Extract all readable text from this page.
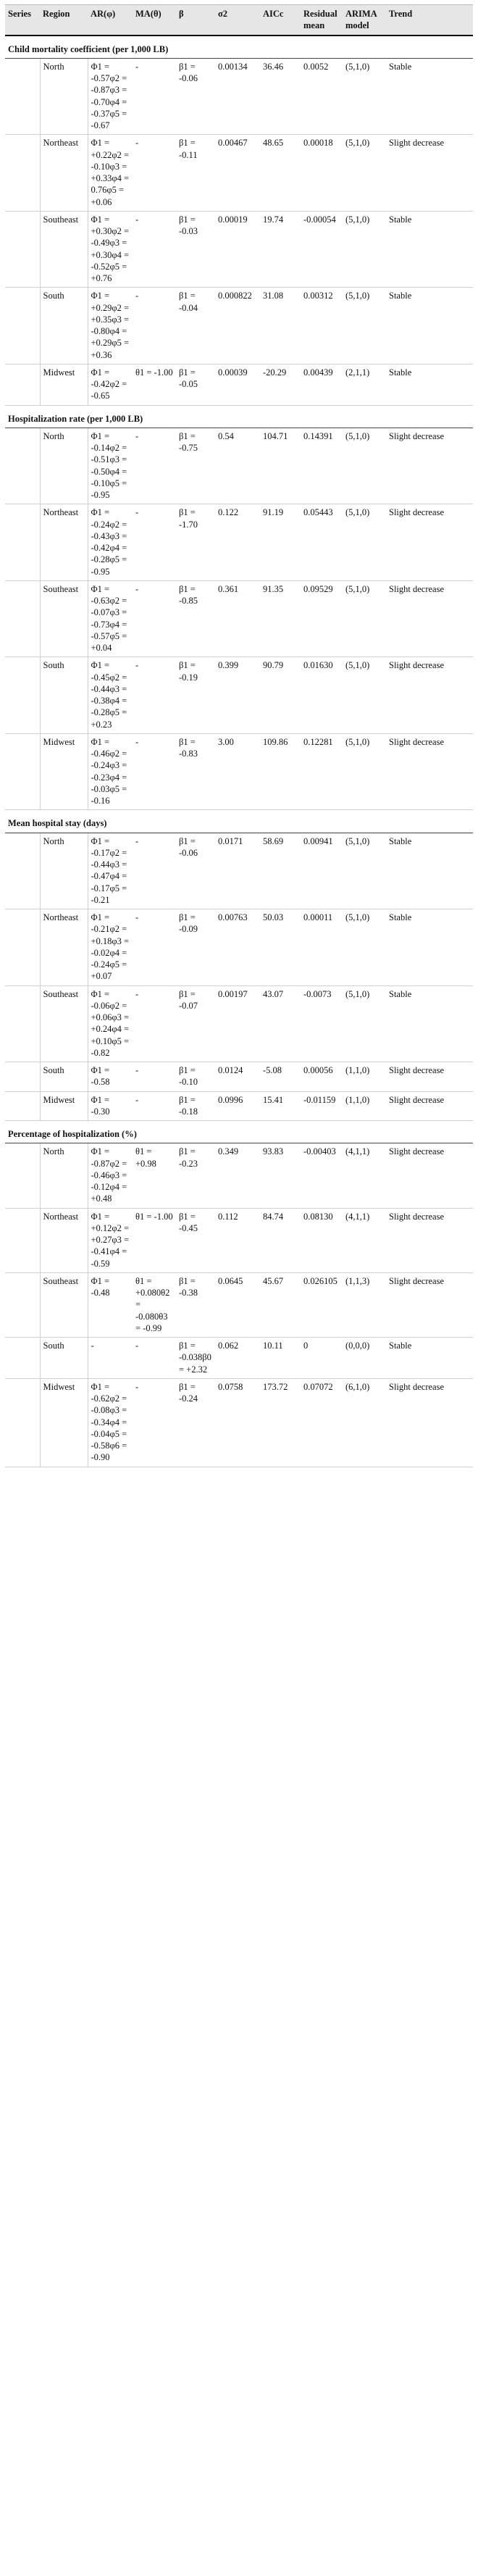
Series	Region	AR(φ)	MA(θ)	β	σ2	AICc	Residual mean	ARIMA model	Trend
Child mortality coefficient (per 1,000 LB)									
	North	Φ1 = -0.57φ2 = -0.87φ3 = -0.70φ4 = -0.37φ5 = -0.67	-	β1 = -0.06	0.00134	36.46	0.0052	(5,1,0)	Stable
	Northeast	Φ1 = +0.22φ2 = -0.10φ3 = +0.33φ4 = 0.76φ5 = +0.06	-	β1 = -0.11	0.00467	48.65	0.00018	(5,1,0)	Slight decrease
	Southeast	Φ1 = +0.30φ2 = -0.49φ3 = +0.30φ4 = -0.52φ5 = +0.76	-	β1 = -0.03	0.00019	19.74	-0.00054	(5,1,0)	Stable
	South	Φ1 = +0.29φ2 = +0.35φ3 = -0.80φ4 = +0.29φ5 = +0.36	-	β1 = -0.04	0.000822	31.08	0.00312	(5,1,0)	Stable
	Midwest	Φ1 = -0.42φ2 = -0.65	θ1 = -1.00	β1 = -0.05	0.00039	-20.29	0.00439	(2,1,1)	Stable
Hospitalization rate (per 1,000 LB)									
	North	Φ1 = -0.14φ2 = -0.51φ3 = -0.50φ4 = -0.10φ5 = -0.95	-	β1 = -0.75	0.54	104.71	0.14391	(5,1,0)	Slight decrease
	Northeast	Φ1 = -0.24φ2 = -0.43φ3 = -0.42φ4 = -0.28φ5 = -0.95	-	β1 = -1.70	0.122	91.19	0.05443	(5,1,0)	Slight decrease
	Southeast	Φ1 = -0.63φ2 = -0.07φ3 = -0.73φ4 = -0.57φ5 = +0.04	-	β1 = -0.85	0.361	91.35	0.09529	(5,1,0)	Slight decrease
	South	Φ1 = -0.45φ2 = -0.44φ3 = -0.38φ4 = -0.28φ5 = +0.23	-	β1 = -0.19	0.399	90.79	0.01630	(5,1,0)	Slight decrease
	Midwest	Φ1 = -0.46φ2 = -0.24φ3 = -0.23φ4 = -0.03φ5 = -0.16	-	β1 = -0.83	3.00	109.86	0.12281	(5,1,0)	Slight decrease
Mean hospital stay (days)									
	North	Φ1 = -0.17φ2 = -0.44φ3 = -0.47φ4 = -0.17φ5 = -0.21	-	β1 = -0.06	0.0171	58.69	0.00941	(5,1,0)	Stable
	Northeast	Φ1 = -0.21φ2 = +0.18φ3 = -0.02φ4 = -0.24φ5 = +0.07	-	β1 = -0.09	0.00763	50.03	0.00011	(5,1,0)	Stable
	Southeast	Φ1 = -0.06φ2 = +0.06φ3 = +0.24φ4 = +0.10φ5 = -0.82	-	β1 = -0.07	0.00197	43.07	-0.0073	(5,1,0)	Stable
	South	Φ1 = -0.58	-	β1 = -0.10	0.0124	-5.08	0.00056	(1,1,0)	Slight decrease
	Midwest	Φ1 = -0.30	-	β1 = -0.18	0.0996	15.41	-0.01159	(1,1,0)	Slight decrease
Percentage of hospitalization (%)									
	North	Φ1 = -0.87φ2 = -0.46φ3 = -0.12φ4 = +0.48	θ1 = +0.98	β1 = -0.23	0.349	93.83	-0.00403	(4,1,1)	Slight decrease
	Northeast	Φ1 = +0.12φ2 = +0.27φ3 = -0.41φ4 = -0.59	θ1 = -1.00	β1 = -0.45	0.112	84.74	0.08130	(4,1,1)	Slight decrease
	Southeast	Φ1 = -0.48	θ1 = +0.080θ2 = -0.080θ3 = -0.99	β1 = -0.38	0.0645	45.67	0.026105	(1,1,3)	Slight decrease
	South	-	-	β1 = -0.038β0 = +2.32	0.062	10.11	0	(0,0,0)	Stable
	Midwest	Φ1 = -0.62φ2 = -0.08φ3 = -0.34φ4 = -0.04φ5 = -0.58φ6 = -0.90	-	β1 = -0.24	0.0758	173.72	0.07072	(6,1,0)	Slight decrease
